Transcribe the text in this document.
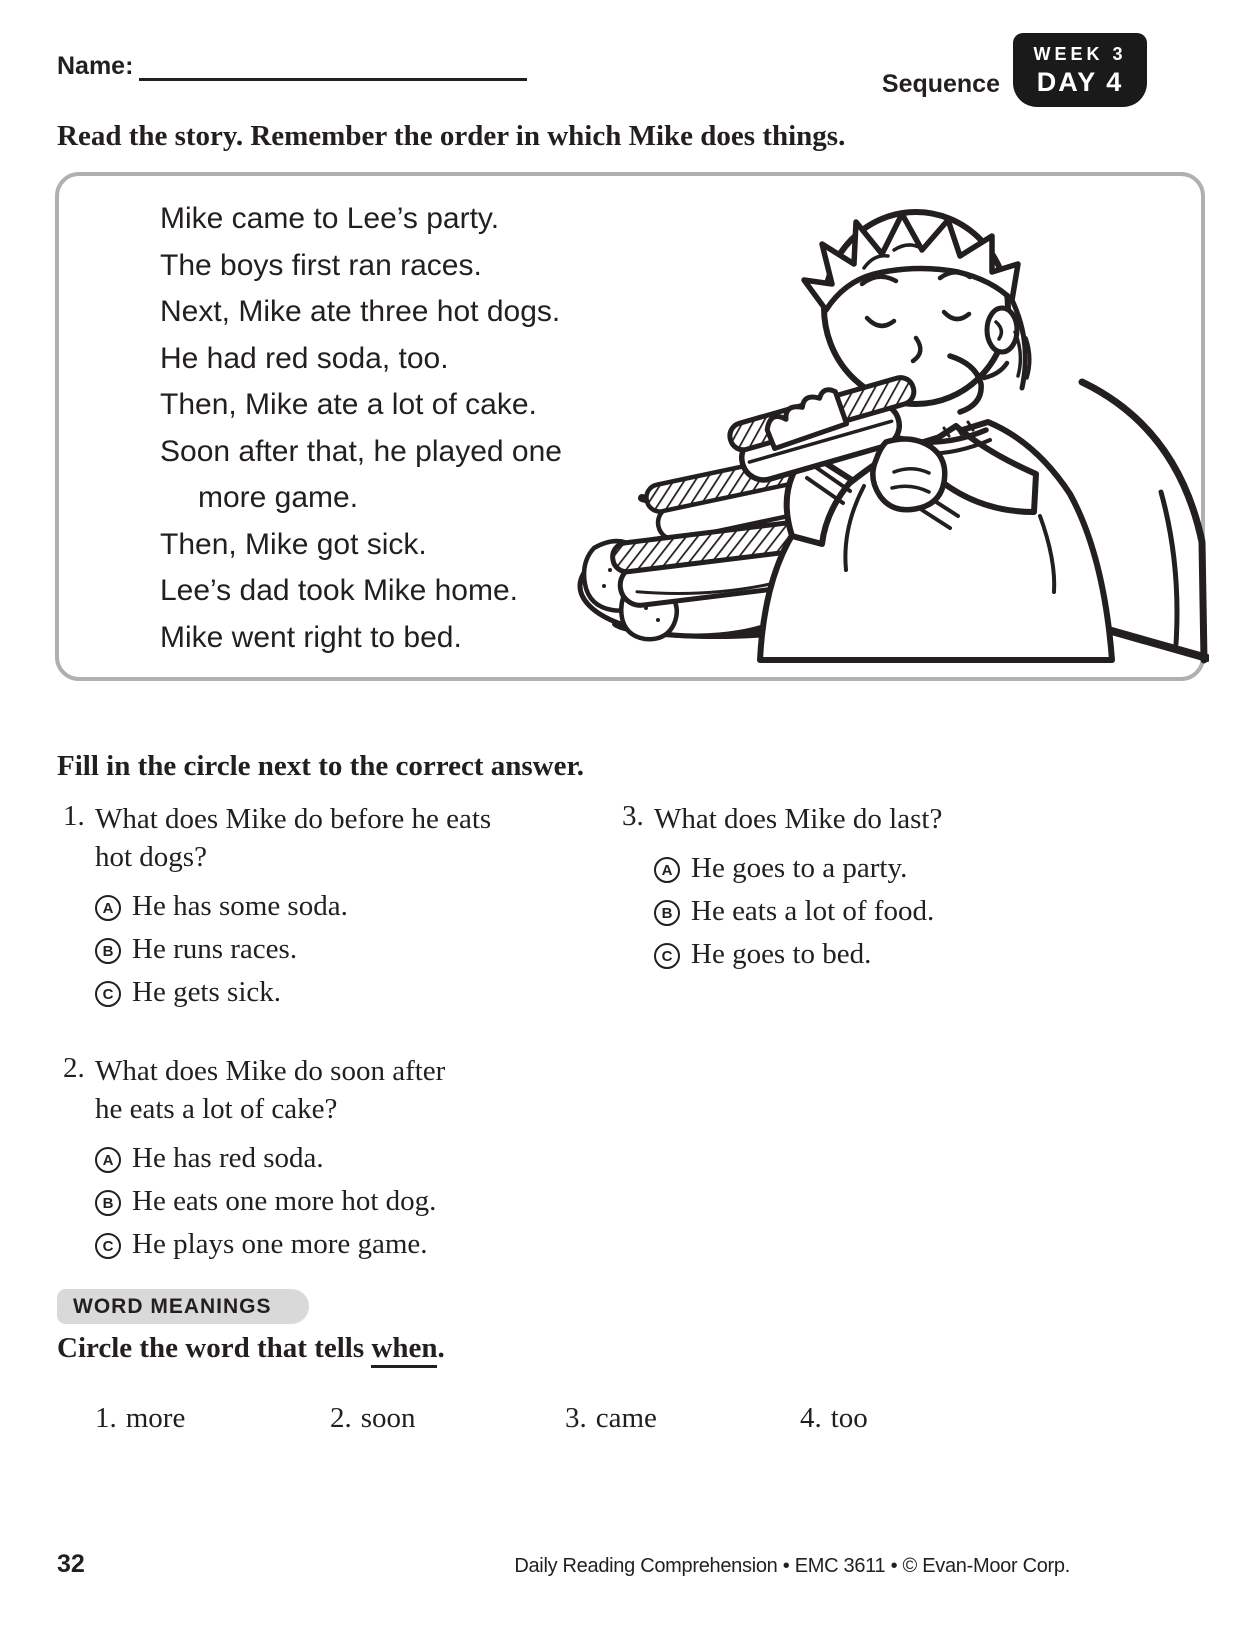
Name:
Sequence
WEEK 3
DAY 4
Read the story. Remember the order in which Mike does things.
Mike came to Lee’s party.
The boys first ran races.
Next, Mike ate three hot dogs.
He had red soda, too.
Then, Mike ate a lot of cake.
Soon after that, he played one
more game.
Then, Mike got sick.
Lee’s dad took Mike home.
Mike went right to bed.
Fill in the circle next to the correct answer.
1. What does Mike do before he eats
hot dogs?
A He has some soda.
B He runs races.
C He gets sick.
2. What does Mike do soon after
he eats a lot of cake?
A He has red soda.
B He eats one more hot dog.
C He plays one more game.
3. What does Mike do last?
A He goes to a party.
B He eats a lot of food.
C He goes to bed.
WORD MEANINGS
Circle the word that tells when.
1. more	2. soon	3. came	4. too
32	Daily Reading Comprehension • EMC 3611 • © Evan-Moor Corp.
